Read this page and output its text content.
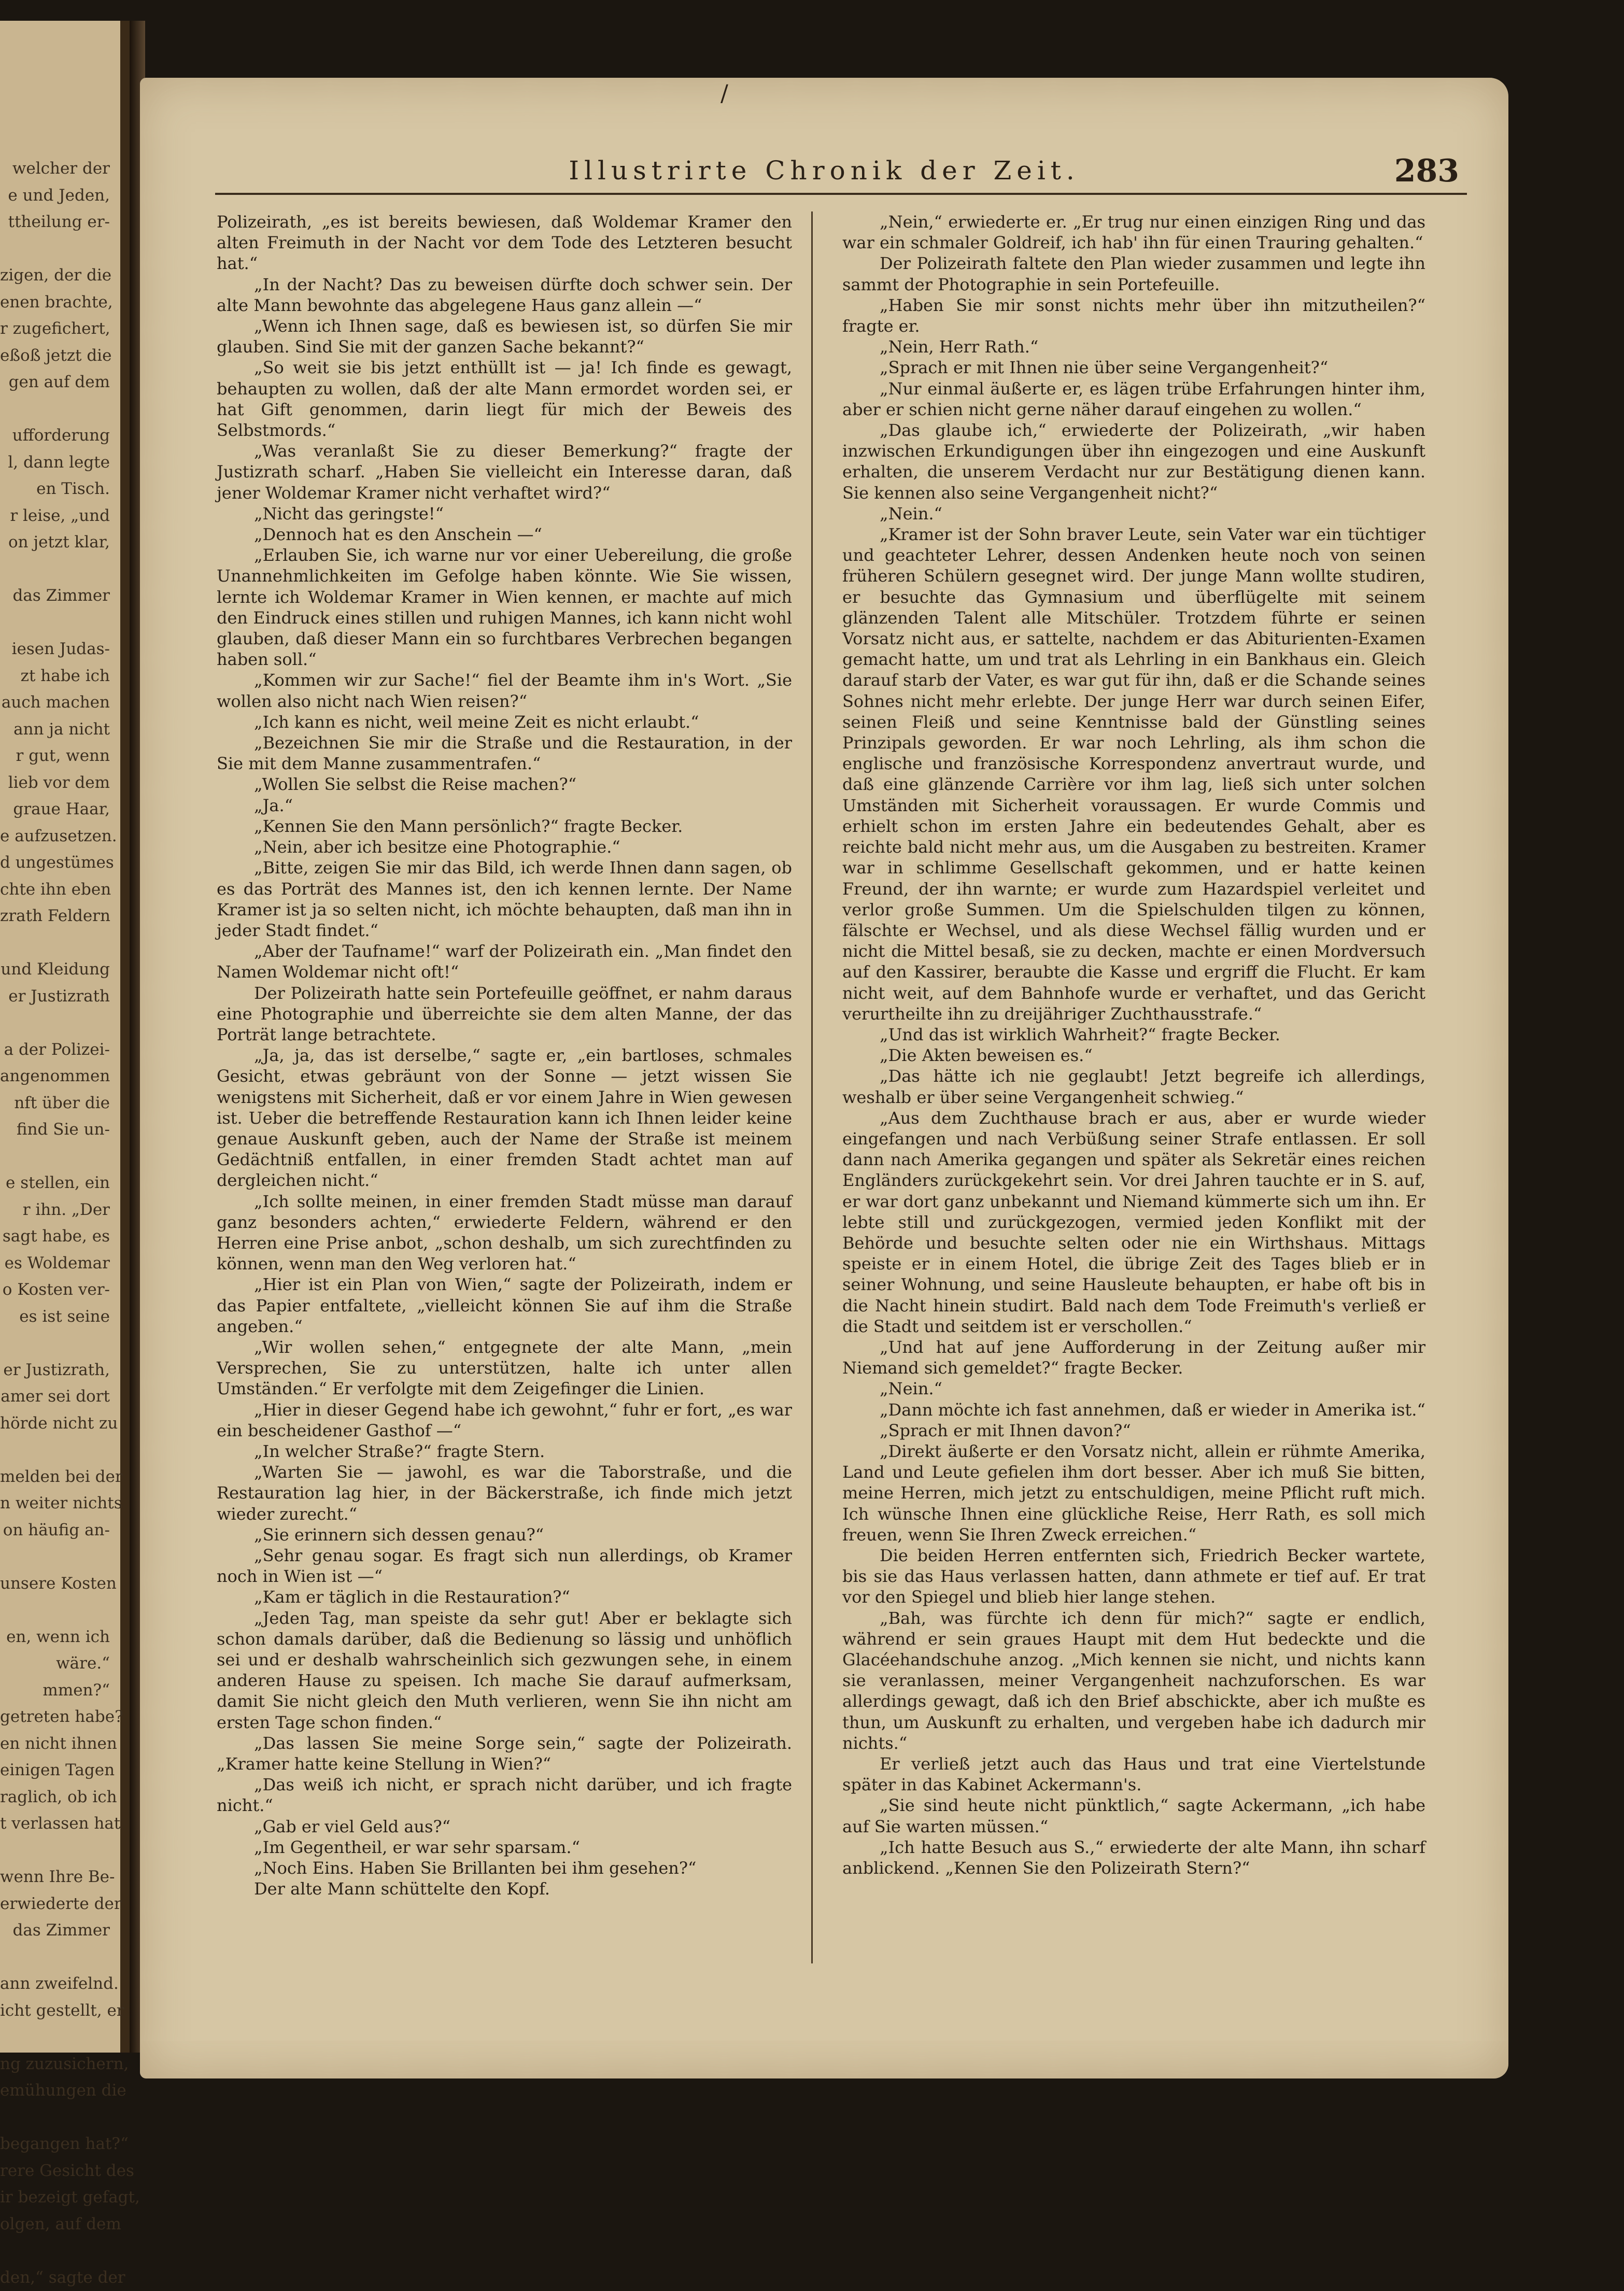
welcher der
e und Jeden,
ttheilung er-
zigen, der die
enen brachte,
r zugefichert,
eßoß jetzt die
gen auf dem
ufforderung
l, dann legte
en Tisch.
r leise, „und
on jetzt klar,
das Zimmer
iesen Judas-
zt habe ich
auch machen
ann ja nicht
r gut, wenn
lieb vor dem
graue Haar,
e aufzusetzen.
d ungestümes
chte ihn eben
zrath Feldern
und Kleidung
er Justizrath
a der Polizei-
angenommen
nft über die
find Sie un-
e stellen, ein
r ihn. „Der
sagt habe, es
es Woldemar
o Kosten ver-
es ist seine
er Justizrath,
amer sei dort
hörde nicht zu
melden bei der
n weiter nichts
on häufig an-
unsere Kosten
en, wenn ich
wäre.“
mmen?“
getreten habe?
en nicht ihnen
einigen Tagen
raglich, ob ich
t verlassen hat
wenn Ihre Be-
erwiederte der
das Zimmer
ann zweifelnd.
icht gestellt, er
ng zuzusichern,
emühungen die
begangen hat?“
rere Gesicht des
ir bezeigt gefagt,
olgen, auf dem
den,“ sagte der
/
Illustrirte Chronik der Zeit.	283

Polizeirath, „es ist bereits bewiesen, daß Woldemar Kramer den alten Freimuth in der Nacht vor dem Tode des Letzteren besucht hat.“

„In der Nacht? Das zu beweisen dürfte doch schwer sein. Der alte Mann bewohnte das abgelegene Haus ganz allein —“

„Wenn ich Ihnen sage, daß es bewiesen ist, so dürfen Sie mir glauben. Sind Sie mit der ganzen Sache bekannt?“

„So weit sie bis jetzt enthüllt ist — ja! Ich finde es gewagt, behaupten zu wollen, daß der alte Mann ermordet worden sei, er hat Gift genommen, darin liegt für mich der Beweis des Selbstmords.“

„Was veranlaßt Sie zu dieser Bemerkung?“ fragte der Justizrath scharf. „Haben Sie vielleicht ein Interesse daran, daß jener Woldemar Kramer nicht verhaftet wird?“

„Nicht das geringste!“

„Dennoch hat es den Anschein —“

„Erlauben Sie, ich warne nur vor einer Uebereilung, die große Unannehmlichkeiten im Gefolge haben könnte. Wie Sie wissen, lernte ich Woldemar Kramer in Wien kennen, er machte auf mich den Eindruck eines stillen und ruhigen Mannes, ich kann nicht wohl glauben, daß dieser Mann ein so furchtbares Verbrechen begangen haben soll.“

„Kommen wir zur Sache!“ fiel der Beamte ihm in's Wort. „Sie wollen also nicht nach Wien reisen?“

„Ich kann es nicht, weil meine Zeit es nicht erlaubt.“

„Bezeichnen Sie mir die Straße und die Restauration, in der Sie mit dem Manne zusammentrafen.“

„Wollen Sie selbst die Reise machen?“

„Ja.“

„Kennen Sie den Mann persönlich?“ fragte Becker.

„Nein, aber ich besitze eine Photographie.“

„Bitte, zeigen Sie mir das Bild, ich werde Ihnen dann sagen, ob es das Porträt des Mannes ist, den ich kennen lernte. Der Name Kramer ist ja so selten nicht, ich möchte behaupten, daß man ihn in jeder Stadt findet.“

„Aber der Taufname!“ warf der Polizeirath ein. „Man findet den Namen Woldemar nicht oft!“

Der Polizeirath hatte sein Portefeuille geöffnet, er nahm daraus eine Photographie und überreichte sie dem alten Manne, der das Porträt lange betrachtete.

„Ja, ja, das ist derselbe,“ sagte er, „ein bartloses, schmales Gesicht, etwas gebräunt von der Sonne — jetzt wissen Sie wenigstens mit Sicherheit, daß er vor einem Jahre in Wien gewesen ist. Ueber die betreffende Restauration kann ich Ihnen leider keine genaue Auskunft geben, auch der Name der Straße ist meinem Gedächtniß entfallen, in einer fremden Stadt achtet man auf dergleichen nicht.“

„Ich sollte meinen, in einer fremden Stadt müsse man darauf ganz besonders achten,“ erwiederte Feldern, während er den Herren eine Prise anbot, „schon deshalb, um sich zurechtfinden zu können, wenn man den Weg verloren hat.“

„Hier ist ein Plan von Wien,“ sagte der Polizeirath, indem er das Papier entfaltete, „vielleicht können Sie auf ihm die Straße angeben.“

„Wir wollen sehen,“ entgegnete der alte Mann, „mein Versprechen, Sie zu unterstützen, halte ich unter allen Umständen.“ Er verfolgte mit dem Zeigefinger die Linien.

„Hier in dieser Gegend habe ich gewohnt,“ fuhr er fort, „es war ein bescheidener Gasthof —“

„In welcher Straße?“ fragte Stern.

„Warten Sie — jawohl, es war die Taborstraße, und die Restauration lag hier, in der Bäckerstraße, ich finde mich jetzt wieder zurecht.“

„Sie erinnern sich dessen genau?“

„Sehr genau sogar. Es fragt sich nun allerdings, ob Kramer noch in Wien ist —“

„Kam er täglich in die Restauration?“

„Jeden Tag, man speiste da sehr gut! Aber er beklagte sich schon damals darüber, daß die Bedienung so lässig und unhöflich sei und er deshalb wahrscheinlich sich gezwungen sehe, in einem anderen Hause zu speisen. Ich mache Sie darauf aufmerksam, damit Sie nicht gleich den Muth verlieren, wenn Sie ihn nicht am ersten Tage schon finden.“

„Das lassen Sie meine Sorge sein,“ sagte der Polizeirath. „Kramer hatte keine Stellung in Wien?“

„Das weiß ich nicht, er sprach nicht darüber, und ich fragte nicht.“

„Gab er viel Geld aus?“

„Im Gegentheil, er war sehr sparsam.“

„Noch Eins. Haben Sie Brillanten bei ihm gesehen?“

Der alte Mann schüttelte den Kopf.

„Nein,“ erwiederte er. „Er trug nur einen einzigen Ring und das war ein schmaler Goldreif, ich hab' ihn für einen Trauring gehalten.“

Der Polizeirath faltete den Plan wieder zusammen und legte ihn sammt der Photographie in sein Portefeuille.

„Haben Sie mir sonst nichts mehr über ihn mitzutheilen?“ fragte er.

„Nein, Herr Rath.“

„Sprach er mit Ihnen nie über seine Vergangenheit?“

„Nur einmal äußerte er, es lägen trübe Erfahrungen hinter ihm, aber er schien nicht gerne näher darauf eingehen zu wollen.“

„Das glaube ich,“ erwiederte der Polizeirath, „wir haben inzwischen Erkundigungen über ihn eingezogen und eine Auskunft erhalten, die unserem Verdacht nur zur Bestätigung dienen kann. Sie kennen also seine Vergangenheit nicht?“

„Nein.“

„Kramer ist der Sohn braver Leute, sein Vater war ein tüchtiger und geachteter Lehrer, dessen Andenken heute noch von seinen früheren Schülern gesegnet wird. Der junge Mann wollte studiren, er besuchte das Gymnasium und überflügelte mit seinem glänzenden Talent alle Mitschüler. Trotzdem führte er seinen Vorsatz nicht aus, er sattelte, nachdem er das Abiturienten-Examen gemacht hatte, um und trat als Lehrling in ein Bankhaus ein. Gleich darauf starb der Vater, es war gut für ihn, daß er die Schande seines Sohnes nicht mehr erlebte. Der junge Herr war durch seinen Eifer, seinen Fleiß und seine Kenntnisse bald der Günstling seines Prinzipals geworden. Er war noch Lehrling, als ihm schon die englische und französische Korrespondenz anvertraut wurde, und daß eine glänzende Carrière vor ihm lag, ließ sich unter solchen Umständen mit Sicherheit voraussagen. Er wurde Commis und erhielt schon im ersten Jahre ein bedeutendes Gehalt, aber es reichte bald nicht mehr aus, um die Ausgaben zu bestreiten. Kramer war in schlimme Gesellschaft gekommen, und er hatte keinen Freund, der ihn warnte; er wurde zum Hazardspiel verleitet und verlor große Summen. Um die Spielschulden tilgen zu können, fälschte er Wechsel, und als diese Wechsel fällig wurden und er nicht die Mittel besaß, sie zu decken, machte er einen Mordversuch auf den Kassirer, beraubte die Kasse und ergriff die Flucht. Er kam nicht weit, auf dem Bahnhofe wurde er verhaftet, und das Gericht verurtheilte ihn zu dreijähriger Zuchthausstrafe.“

„Und das ist wirklich Wahrheit?“ fragte Becker.

„Die Akten beweisen es.“

„Das hätte ich nie geglaubt! Jetzt begreife ich allerdings, weshalb er über seine Vergangenheit schwieg.“

„Aus dem Zuchthause brach er aus, aber er wurde wieder eingefangen und nach Verbüßung seiner Strafe entlassen. Er soll dann nach Amerika gegangen und später als Sekretär eines reichen Engländers zurückgekehrt sein. Vor drei Jahren tauchte er in S. auf, er war dort ganz unbekannt und Niemand kümmerte sich um ihn. Er lebte still und zurückgezogen, vermied jeden Konflikt mit der Behörde und besuchte selten oder nie ein Wirthshaus. Mittags speiste er in einem Hotel, die übrige Zeit des Tages blieb er in seiner Wohnung, und seine Hausleute behaupten, er habe oft bis in die Nacht hinein studirt. Bald nach dem Tode Freimuth's verließ er die Stadt und seitdem ist er verschollen.“

„Und hat auf jene Aufforderung in der Zeitung außer mir Niemand sich gemeldet?“ fragte Becker.

„Nein.“

„Dann möchte ich fast annehmen, daß er wieder in Amerika ist.“

„Sprach er mit Ihnen davon?“

„Direkt äußerte er den Vorsatz nicht, allein er rühmte Amerika, Land und Leute gefielen ihm dort besser. Aber ich muß Sie bitten, meine Herren, mich jetzt zu entschuldigen, meine Pflicht ruft mich. Ich wünsche Ihnen eine glückliche Reise, Herr Rath, es soll mich freuen, wenn Sie Ihren Zweck erreichen.“

Die beiden Herren entfernten sich, Friedrich Becker wartete, bis sie das Haus verlassen hatten, dann athmete er tief auf. Er trat vor den Spiegel und blieb hier lange stehen.

„Bah, was fürchte ich denn für mich?“ sagte er endlich, während er sein graues Haupt mit dem Hut bedeckte und die Glacéehandschuhe anzog. „Mich kennen sie nicht, und nichts kann sie veranlassen, meiner Vergangenheit nachzuforschen. Es war allerdings gewagt, daß ich den Brief abschickte, aber ich mußte es thun, um Auskunft zu erhalten, und vergeben habe ich dadurch mir nichts.“

Er verließ jetzt auch das Haus und trat eine Viertelstunde später in das Kabinet Ackermann's.

„Sie sind heute nicht pünktlich,“ sagte Ackermann, „ich habe auf Sie warten müssen.“

„Ich hatte Besuch aus S.,“ erwiederte der alte Mann, ihn scharf anblickend. „Kennen Sie den Polizeirath Stern?“
